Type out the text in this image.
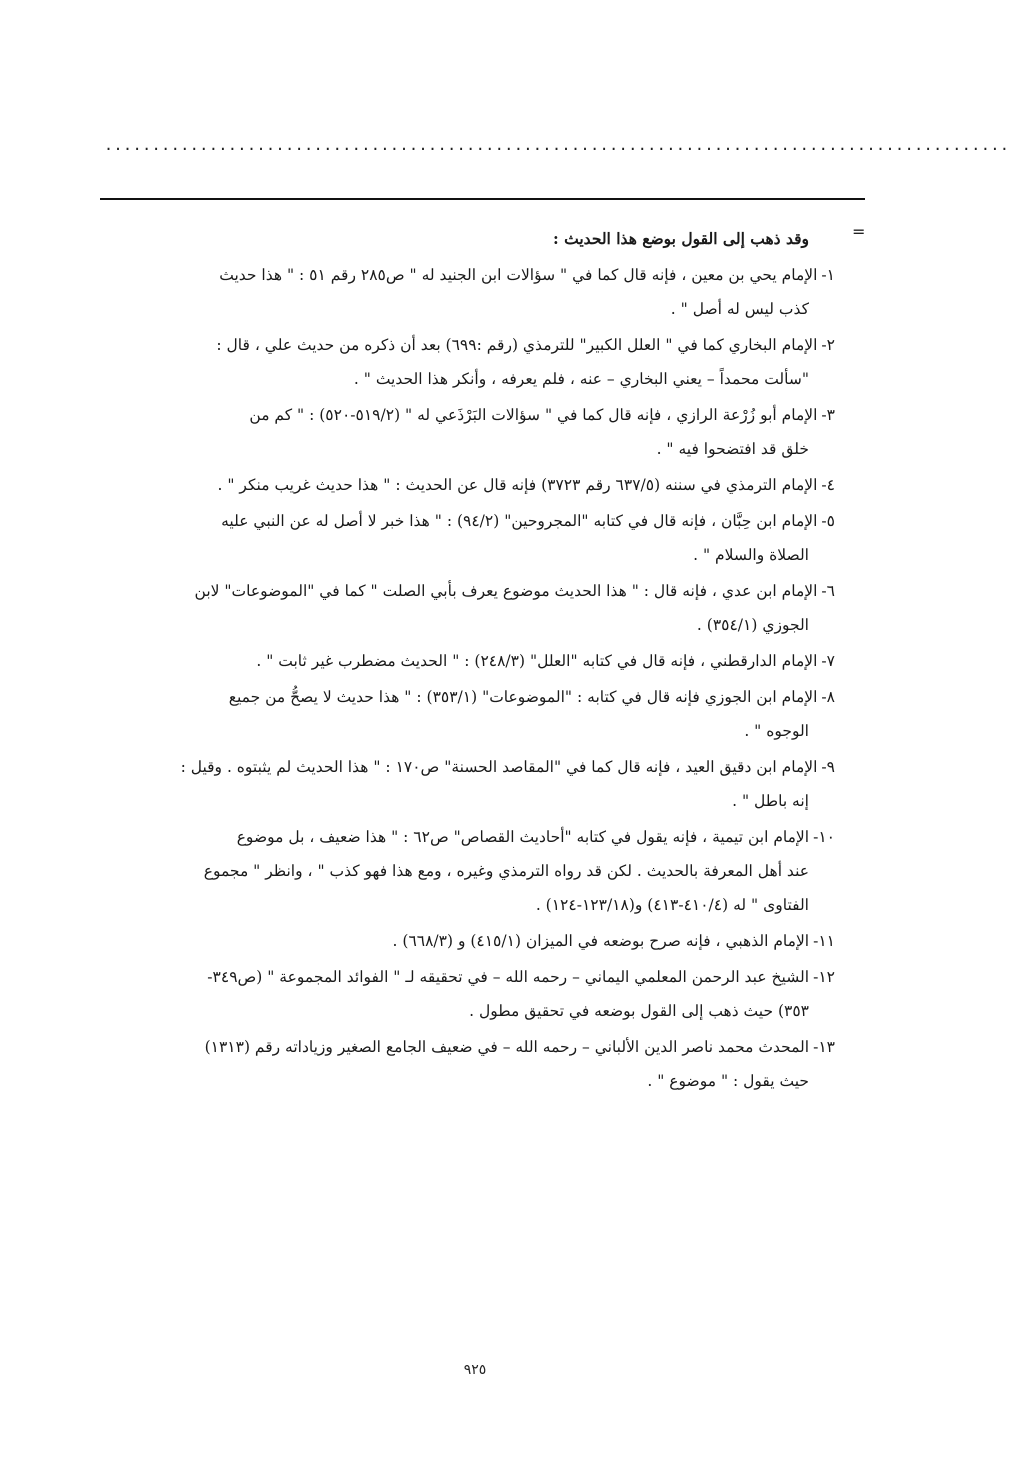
...............................................................................................
=

وقد ذهب إلى القول بوضع هذا الحديث :

١-الإمام يحي بن معين ، فإنه قال كما في " سؤالات ابن الجنيد له " ص٢٨٥ رقم ٥١ : " هذا حديث
كذب ليس له أصل " .

٢-الإمام البخاري كما في " العلل الكبير" للترمذي (رقم :٦٩٩) بعد أن ذكره من حديث علي ، قال :
"سألت محمداً – يعني البخاري – عنه ، فلم يعرفه ، وأنكر هذا الحديث " .

٣-الإمام أبو زُرْعة الرازي ، فإنه قال كما في " سؤالات البَرْذَعي له " (٥١٩/٢-٥٢٠) : " كم من
خلق قد افتضحوا فيه " .

٤-الإمام الترمذي في سننه (٦٣٧/٥ رقم ٣٧٢٣) فإنه قال عن الحديث : " هذا حديث غريب منكر " .

٥-الإمام ابن حِبَّان ، فإنه قال في كتابه "المجروحين" (٩٤/٢) : " هذا خبر لا أصل له عن النبي عليه
الصلاة والسلام " .

٦-الإمام ابن عدي ، فإنه قال : " هذا الحديث موضوع يعرف بأبي الصلت " كما في "الموضوعات" لابن
الجوزي (٣٥٤/١) .

٧-الإمام الدارقطني ، فإنه قال في كتابه "العلل" (٢٤٨/٣) : " الحديث مضطرب غير ثابت " .

٨-الإمام ابن الجوزي فإنه قال في كتابه : "الموضوعات" (٣٥٣/١) : " هذا حديث لا يصحُّ من جميع
الوجوه " .

٩-الإمام ابن دقيق العيد ، فإنه قال كما في "المقاصد الحسنة" ص١٧٠ : " هذا الحديث لم يثبتوه . وقيل :
إنه باطل " .

١٠-الإمام ابن تيمية ، فإنه يقول في كتابه "أحاديث القصاص" ص٦٢ : " هذا ضعيف ، بل موضوع
عند أهل المعرفة بالحديث . لكن قد رواه الترمذي وغيره ، ومع هذا فهو كذب " ، وانظر " مجموع
الفتاوى " له (٤١٠/٤-٤١٣) و(١٢٣/١٨-١٢٤) .

١١-الإمام الذهبي ، فإنه صرح بوضعه في الميزان (٤١٥/١) و (٦٦٨/٣) .

١٢-الشيخ عبد الرحمن المعلمي اليماني – رحمه الله – في تحقيقه لـ " الفوائد المجموعة " (ص٣٤٩-
٣٥٣) حيث ذهب إلى القول بوضعه في تحقيق مطول .

١٣-المحدث محمد ناصر الدين الألباني – رحمه الله – في ضعيف الجامع الصغير وزياداته رقم (١٣١٣)
حيث يقول : " موضوع " .

٩٢٥
